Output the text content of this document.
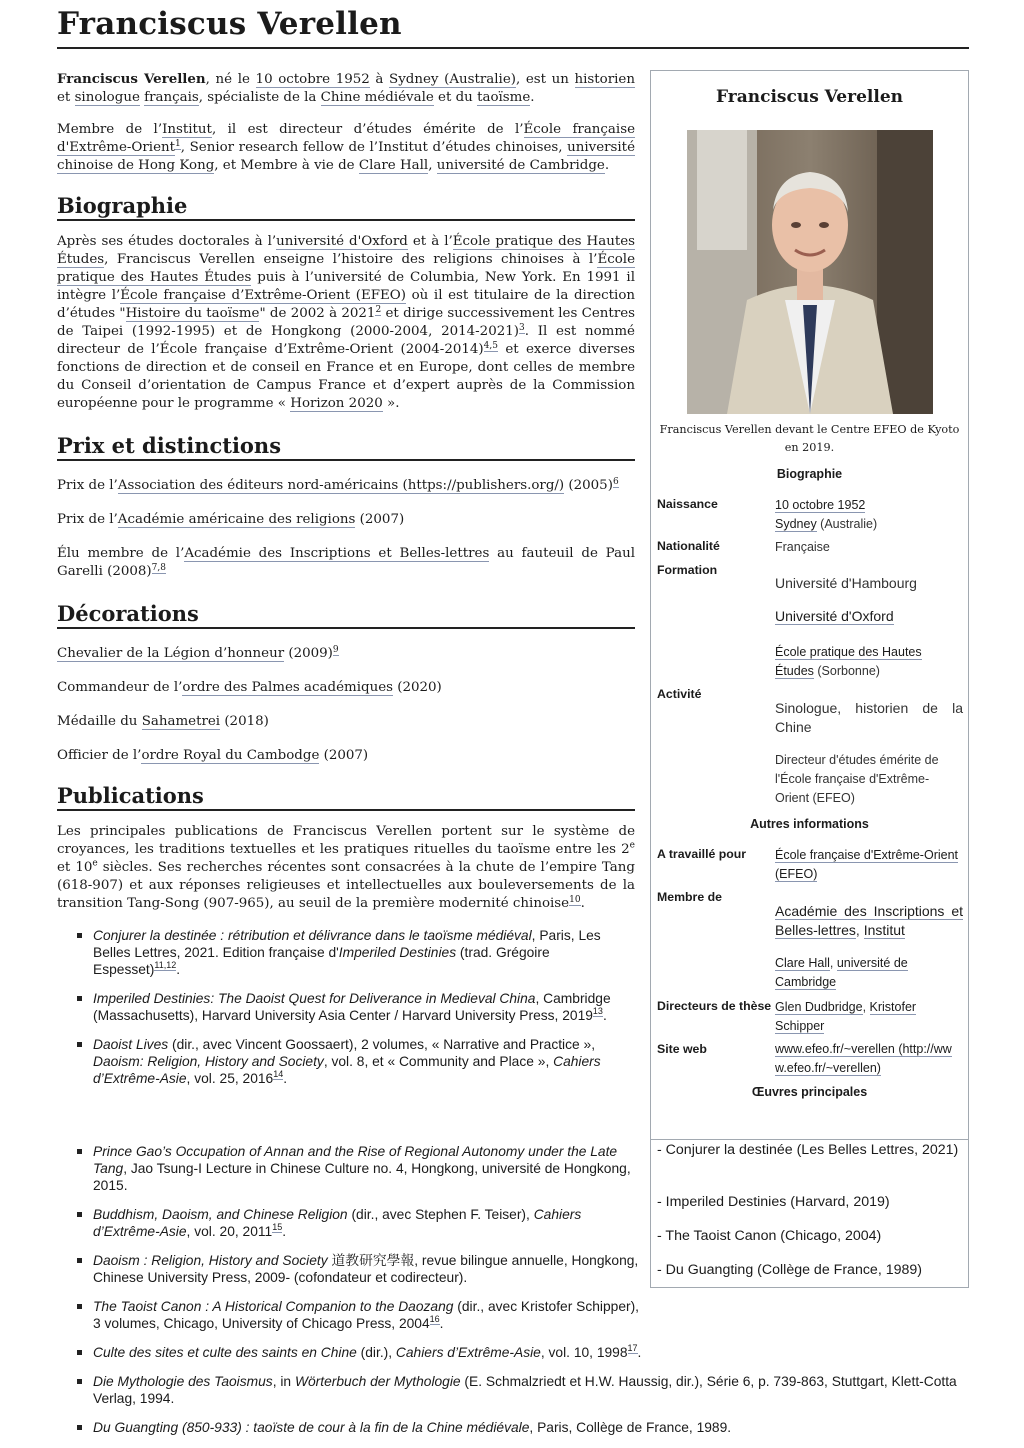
Franciscus Verellen

Franciscus Verellen, né le 10 octobre 1952 à Sydney (Australie), est un historien et sinologue français, spécialiste de la Chine médiévale et du taoïsme.

Membre de l’Institut, il est directeur d’études émérite de l’École française d'Extrême-Orient$^1$, Senior research fellow de l’Institut d’études chinoises, université chinoise de Hong Kong, et Membre à vie de Clare Hall, université de Cambridge.

Biographie

Après ses études doctorales à l’université d'Oxford et à l’École pratique des Hautes Études, Franciscus Verellen enseigne l’histoire des religions chinoises à l’École pratique des Hautes Études puis à l’université de Columbia, New York. En 1991 il intègre l’École française d’Extrême-Orient (EFEO) où il est titulaire de la direction d’études "Histoire du taoïsme" de 2002 à 2021$^2$ et dirige successivement les Centres de Taipei (1992-1995) et de Hongkong (2000-2004, 2014-2021)$^3$. Il est nommé directeur de l’École française d’Extrême-Orient (2004-2014)$^{4,5}$ et exerce diverses fonctions de direction et de conseil en France et en Europe, dont celles de membre du Conseil d’orientation de Campus France et d’expert auprès de la Commission européenne pour le programme « Horizon 2020 ».

Prix et distinctions

Prix de l’Association des éditeurs nord-américains (https://publishers.org/) $(2005)^6$

Prix de l’Académie américaine des religions (2007)

Élu membre de l’Académie des Inscriptions et Belles-lettres au fauteuil de Paul Garelli $(2008)^{7,8}$

Décorations

Chevalier de la Légion d’honneur $(2009)^9$

Commandeur de l’ordre des Palmes académiques (2020)

Médaille du Sahametrei (2018)

Officier de l’ordre Royal du Cambodge (2007)

Publications

Les principales publications de Franciscus Verellen portent sur le système de croyances, les traditions textuelles et les pratiques rituelles du taoïsme entre les 2e et 10e siècles. Ses recherches récentes sont consacrées à la chute de l’empire Tang (618-907) et aux réponses religieuses et intellectuelles aux bouleversements de la transition Tang-Song (907-965), au seuil de la première modernité chinoise$^{10}$.

Conjurer la destinée : rétribution et délivrance dans le taoïsme médiéval, Paris, Les Belles Lettres, 2021. Edition française d'Imperiled Destinies (trad. Grégoire Espesset)$^{11,12}$.
Imperiled Destinies: The Daoist Quest for Deliverance in Medieval China, Cambridge (Massachusetts), Harvard University Asia Center / Harvard University Press, 2019$^{13}$.
Daoist Lives (dir., avec Vincent Goossaert), 2 volumes, « Narrative and Practice », Daoism: Religion, History and Society, vol. 8, et « Community and Place », Cahiers d’Extrême-Asie, vol. 25, 2016$^{14}$.
Prince Gao’s Occupation of Annan and the Rise of Regional Autonomy under the Late Tang, Jao Tsung-I Lecture in Chinese Culture no. 4, Hongkong, université de Hongkong, 2015.
Buddhism, Daoism, and Chinese Religion (dir., avec Stephen F. Teiser), Cahiers d’Extrême-Asie, vol. 20, 2011$^{15}$.
Daoism : Religion, History and Society 道教研究學報, revue bilingue annuelle, Hongkong, Chinese University Press, 2009- (cofondateur et codirecteur).
The Taoist Canon : A Historical Companion to the Daozang (dir., avec Kristofer Schipper), 3 volumes, Chicago, University of Chicago Press, 2004$^{16}$.
Culte des sites et culte des saints en Chine (dir.), Cahiers d’Extrême-Asie, vol. 10, 1998$^{17}$.
Die Mythologie des Taoismus, in Wörterbuch der Mythologie (E. Schmalzriedt et H.W. Haussig, dir.), Série 6, p. 739-863, Stuttgart, Klett-Cotta Verlag, 1994.
Du Guangting (850-933) : taoïste de cour à la fin de la Chine médiévale, Paris, Collège de France, 1989.
Franciscus Verellen
Franciscus Verellen devant le Centre EFEO de Kyoto en 2019.
Biographie
Naissance	10 octobre 1952
Sydney (Australie)
Nationalité	Française
Formation
Université d'Hambourg
Université d'Oxford
École pratique des Hautes Études (Sorbonne)
Activité
Sinologue, historien de la Chine
Directeur d'études émérite de l'École française d'Extrême-Orient (EFEO)
Autres informations
A travaillé pour École française d'Extrême-Orient (EFEO)
Membre de
Académie des Inscriptions et Belles-lettres, Institut
Clare Hall, université de Cambridge
Directeurs de thèse Glen Dudbridge, Kristofer Schipper
Site web	www.efeo.fr/~verellen (http://www.efeo.fr/~verellen)
Œuvres principales
- Conjurer la destinée (Les Belles Lettres, 2021)
- Imperiled Destinies (Harvard, 2019)
- The Taoist Canon (Chicago, 2004)
- Du Guangting (Collège de France, 1989)
